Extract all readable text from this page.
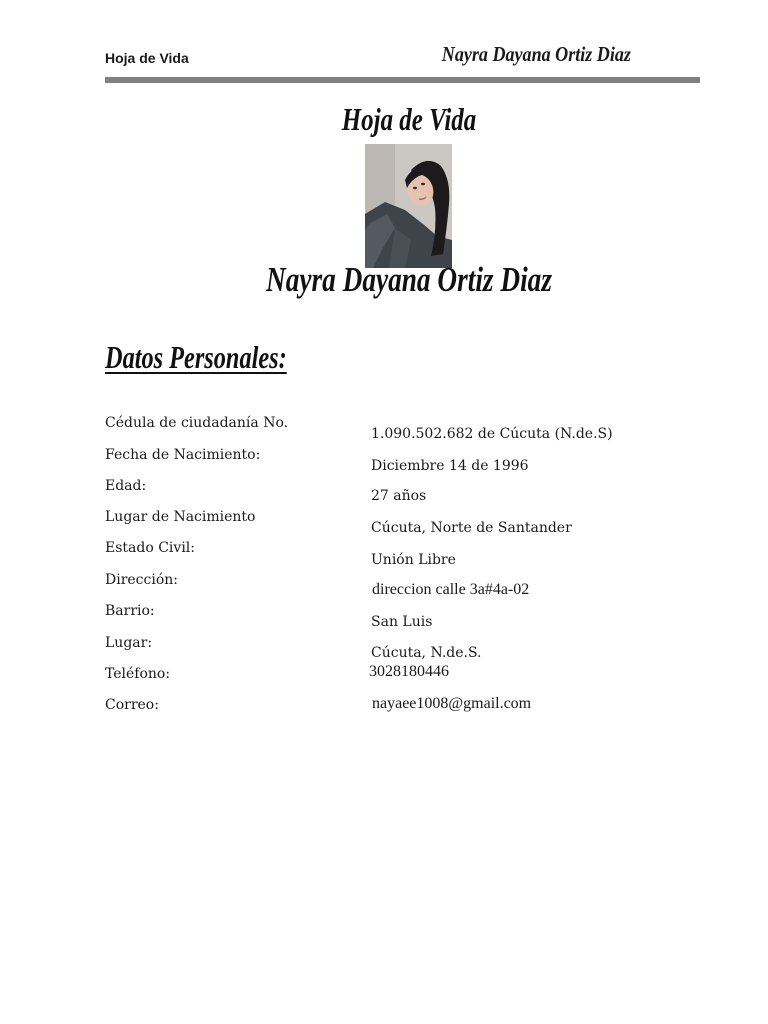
Hoja de Vida	Nayra Dayana Ortiz Diaz
Hoja de Vida
Nayra Dayana Ortiz Diaz
Datos Personales:
Cédula de ciudadanía No.
Fecha de Nacimiento:
Edad:
Lugar de Nacimiento
Estado Civil:
Dirección:
Barrio:
Lugar:
Teléfono:
Correo:
1.090.502.682 de Cúcuta (N.de.S)
Diciembre 14 de 1996
27 años
Cúcuta, Norte de Santander
Unión Libre
direccion calle 3a#4a-02
San Luis
Cúcuta, N.de.S.
3028180446
nayaee1008@gmail.com
